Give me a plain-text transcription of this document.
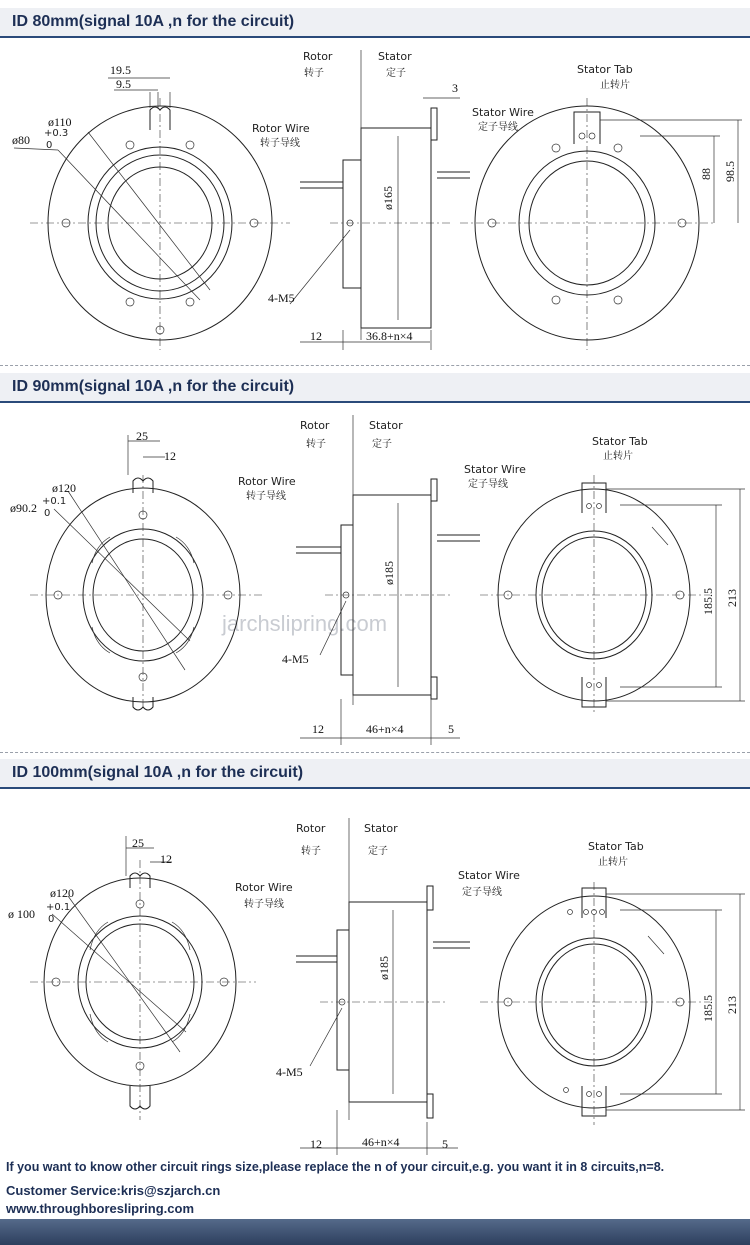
ID 80mm(signal 10A ,n for the circuit)
19.5
9.5
ø110
ø80 +0.3
0
Rotor
转子
Stator
定子
Rotor Wire
转子导线
Stator Wire
定子导线
ø165
4-M5
12	36.8+n×4
3
Stator Tab
止转片
88 98.5
ID 90mm(signal 10A ,n for the circuit)
jarchslipring.com
25
12
ø120
ø90.2 +0.1
0
Rotor
转子
Stator
定子
Rotor Wire
转子导线
Stator Wire
定子导线
ø185
4-M5
12	46+n×4	5
Stator Tab
止转片
185.5 213
ID 100mm(signal 10A ,n for the circuit)
25
12
ø120
ø 100 +0.1
0
Rotor
转子
Stator
定子
Rotor Wire
转子导线
Stator Wire
定子导线
ø185
4-M5
12	46+n×4	5
Stator Tab
止转片
185.5 213
If you want to know other circuit rings size,please replace the n of your circuit,e.g. you want it in 8 circuits,n=8.
Customer Service:kris@szjarch.cn
www.throughboreslipring.com
